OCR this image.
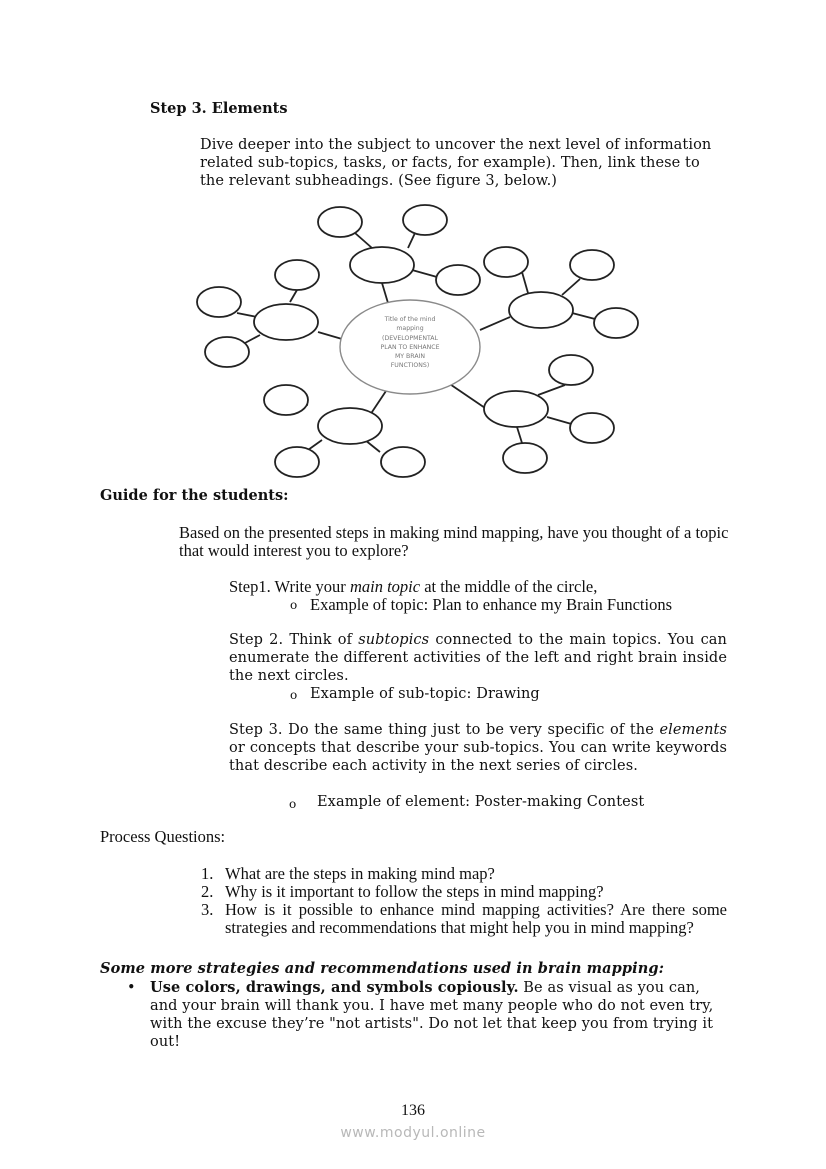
Step 3. Elements
Dive deeper into the subject to uncover the next level of information related sub-topics, tasks, or facts, for example). Then, link these to the relevant subheadings. (See figure 3, below.)
Title of the mind
mapping
(DEVELOPMENTAL
PLAN TO ENHANCE
MY BRAIN
FUNCTIONS)
Guide for the students:
Based on the presented steps in making mind mapping, have you thought of a topic that would interest you to explore?
Step1. Write your main topic at the middle of the circle,
o Example of topic: Plan to enhance my Brain Functions
Step 2. Think of subtopics connected to the main topics. You can enumerate the different activities of the left and right brain inside the next circles.
o Example of sub-topic: Drawing
Step 3. Do the same thing just to be very specific of the elements or concepts that describe your sub-topics. You can write keywords that describe each activity in the next series of circles.
o Example of element: Poster-making Contest
Process Questions:
1. What are the steps in making mind map?
2. Why is it important to follow the steps in mind mapping?
3. How is it possible to enhance mind mapping activities? Are there some strategies and recommendations that might help you in mind mapping?
Some more strategies and recommendations used in brain mapping:
• Use colors, drawings, and symbols copiously. Be as visual as you can, and your brain will thank you. I have met many people who do not even try, with the excuse they’re "not artists". Do not let that keep you from trying it out!
136
www.modyul.online
